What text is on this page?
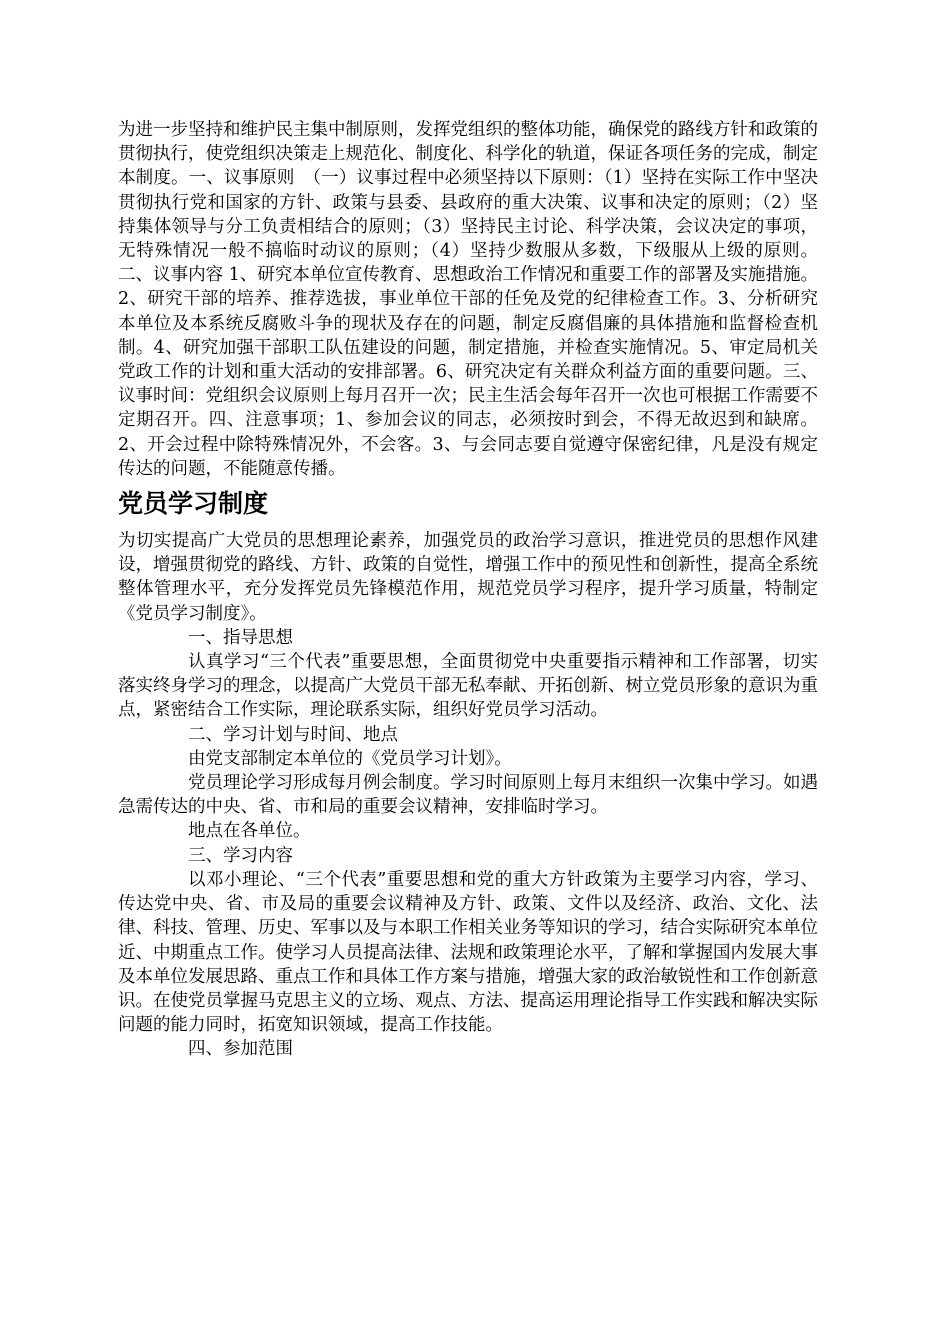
为进一步坚持和维护民主集中制原则，发挥党组织的整体功能，确保党的路线方针和政策的贯彻执行，使党组织决策走上规范化、制度化、科学化的轨道，保证各项任务的完成，制定本制度。一、议事原则　（一）议事过程中必须坚持以下原则：（1）坚持在实际工作中坚决贯彻执行党和国家的方针、政策与县委、县政府的重大决策、议事和决定的原则；（2）坚持集体领导与分工负责相结合的原则；（3）坚持民主讨论、科学决策，会议决定的事项，无特殊情况一般不搞临时动议的原则；（4）坚持少数服从多数，下级服从上级的原则。二、议事内容 1、研究本单位宣传教育、思想政治工作情况和重要工作的部署及实施措施。2、研究干部的培养、推荐选拔，事业单位干部的任免及党的纪律检查工作。3、分析研究本单位及本系统反腐败斗争的现状及存在的问题，制定反腐倡廉的具体措施和监督检查机制。4、研究加强干部职工队伍建设的问题，制定措施，并检查实施情况。5、审定局机关党政工作的计划和重大活动的安排部署。6、研究决定有关群众利益方面的重要问题。三、议事时间：党组织会议原则上每月召开一次；民主生活会每年召开一次也可根据工作需要不定期召开。四、注意事项；1、参加会议的同志，必须按时到会，不得无故迟到和缺席。2、开会过程中除特殊情况外，不会客。3、与会同志要自觉遵守保密纪律，凡是没有规定传达的问题，不能随意传播。

党员学习制度

为切实提高广大党员的思想理论素养，加强党员的政治学习意识，推进党员的思想作风建设，增强贯彻党的路线、方针、政策的自觉性，增强工作中的预见性和创新性，提高全系统整体管理水平，充分发挥党员先锋模范作用，规范党员学习程序，提升学习质量，特制定《党员学习制度》。

一、指导思想

认真学习“三个代表”重要思想，全面贯彻党中央重要指示精神和工作部署，切实落实终身学习的理念，以提高广大党员干部无私奉献、开拓创新、树立党员形象的意识为重点，紧密结合工作实际，理论联系实际，组织好党员学习活动。

二、学习计划与时间、地点

由党支部制定本单位的《党员学习计划》。

党员理论学习形成每月例会制度。学习时间原则上每月末组织一次集中学习。如遇急需传达的中央、省、市和局的重要会议精神，安排临时学习。

地点在各单位。

三、学习内容

以邓小理论、“三个代表”重要思想和党的重大方针政策为主要学习内容，学习、传达党中央、省、市及局的重要会议精神及方针、政策、文件以及经济、政治、文化、法律、科技、管理、历史、军事以及与本职工作相关业务等知识的学习，结合实际研究本单位近、中期重点工作。使学习人员提高法律、法规和政策理论水平，了解和掌握国内发展大事及本单位发展思路、重点工作和具体工作方案与措施，增强大家的政治敏锐性和工作创新意识。在使党员掌握马克思主义的立场、观点、方法、提高运用理论指导工作实践和解决实际问题的能力同时，拓宽知识领域，提高工作技能。

四、参加范围
